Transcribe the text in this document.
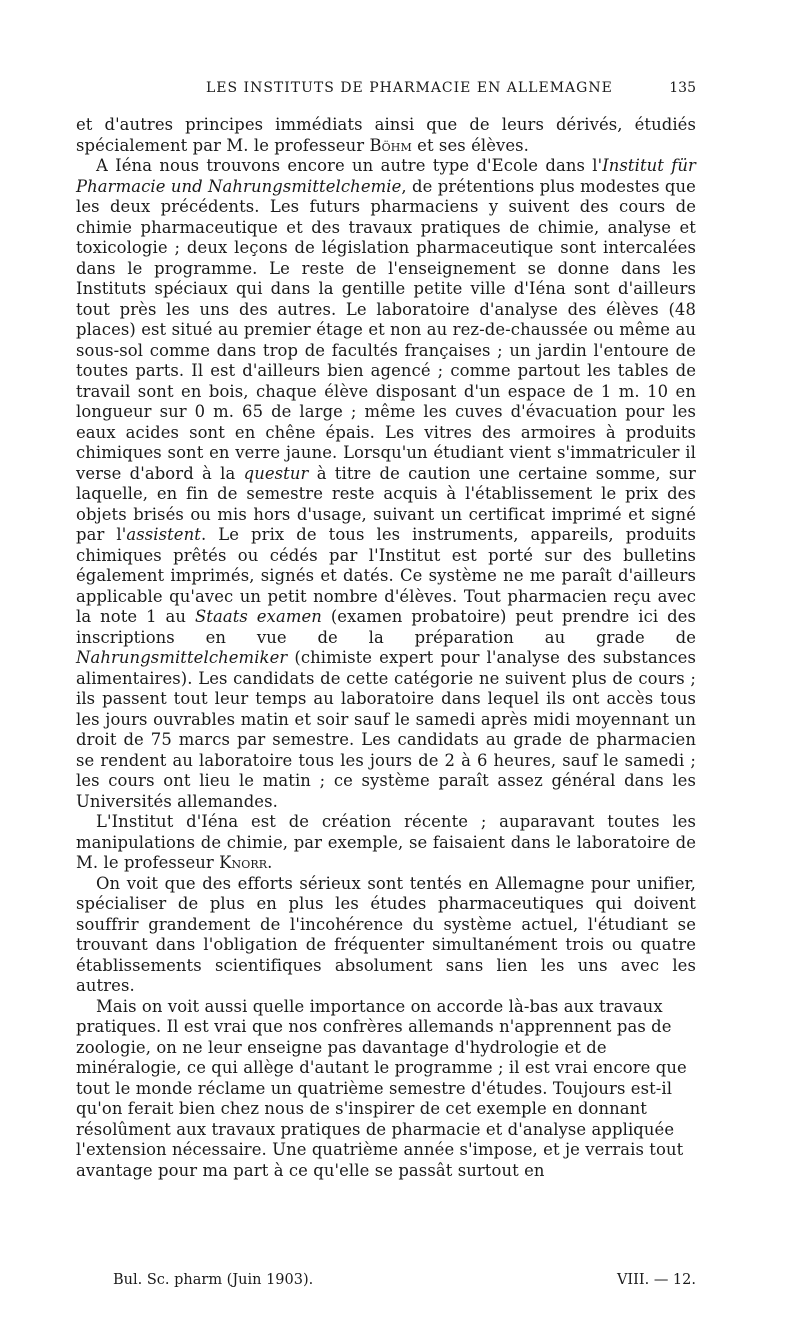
LES INSTITUTS DE PHARMACIE EN ALLEMAGNE	135

et d'autres principes immédiats ainsi que de leurs dérivés, étudiés spécialement par M. le professeur Böhm et ses élèves.

A Iéna nous trouvons encore un autre type d'Ecole dans l'Institut für Pharmacie und Nahrungsmittelchemie, de prétentions plus modestes que les deux précédents. Les futurs pharmaciens y suivent des cours de chimie pharmaceutique et des travaux pratiques de chimie, analyse et toxicologie ; deux leçons de législation pharmaceutique sont intercalées dans le programme. Le reste de l'enseignement se donne dans les Instituts spéciaux qui dans la gentille petite ville d'Iéna sont d'ailleurs tout près les uns des autres. Le laboratoire d'analyse des élèves (48 places) est situé au premier étage et non au rez-de-chaussée ou même au sous-sol comme dans trop de facultés françaises ; un jardin l'entoure de toutes parts. Il est d'ailleurs bien agencé ; comme partout les tables de travail sont en bois, chaque élève disposant d'un espace de 1 m. 10 en longueur sur 0 m. 65 de large ; même les cuves d'évacuation pour les eaux acides sont en chêne épais. Les vitres des armoires à produits chimiques sont en verre jaune. Lorsqu'un étudiant vient s'immatriculer il verse d'abord à la questur à titre de caution une certaine somme, sur laquelle, en fin de semestre reste acquis à l'établissement le prix des objets brisés ou mis hors d'usage, suivant un certificat imprimé et signé par l'assistent. Le prix de tous les instruments, appareils, produits chimiques prêtés ou cédés par l'Institut est porté sur des bulletins également imprimés, signés et datés. Ce système ne me paraît d'ailleurs applicable qu'avec un petit nombre d'élèves. Tout pharmacien reçu avec la note 1 au Staats examen (examen probatoire) peut prendre ici des inscriptions en vue de la préparation au grade de Nahrungsmittelchemiker (chimiste expert pour l'analyse des substances alimentaires). Les candidats de cette catégorie ne suivent plus de cours ; ils passent tout leur temps au laboratoire dans lequel ils ont accès tous les jours ouvrables matin et soir sauf le samedi après midi moyennant un droit de 75 marcs par semestre. Les candidats au grade de pharmacien se rendent au laboratoire tous les jours de 2 à 6 heures, sauf le samedi ; les cours ont lieu le matin ; ce système paraît assez général dans les Universités allemandes.

L'Institut d'Iéna est de création récente ; auparavant toutes les manipulations de chimie, par exemple, se faisaient dans le laboratoire de M. le professeur Knorr.

On voit que des efforts sérieux sont tentés en Allemagne pour unifier, spécialiser de plus en plus les études pharmaceutiques qui doivent souffrir grandement de l'incohérence du système actuel, l'étudiant se trouvant dans l'obligation de fréquenter simultanément trois ou quatre établissements scientifiques absolument sans lien les uns avec les autres.

Mais on voit aussi quelle importance on accorde là-bas aux travaux pratiques. Il est vrai que nos confrères allemands n'apprennent pas de zoologie, on ne leur enseigne pas davantage d'hydrologie et de minéralogie, ce qui allège d'autant le programme ; il est vrai encore que tout le monde réclame un quatrième semestre d'études. Toujours est-il qu'on ferait bien chez nous de s'inspirer de cet exemple en donnant résolûment aux travaux pratiques de pharmacie et d'analyse appliquée l'extension nécessaire. Une quatrième année s'impose, et je verrais tout avantage pour ma part à ce qu'elle se passât surtout en

Bul. Sc. pharm (Juin 1903).	VIII. — 12.
